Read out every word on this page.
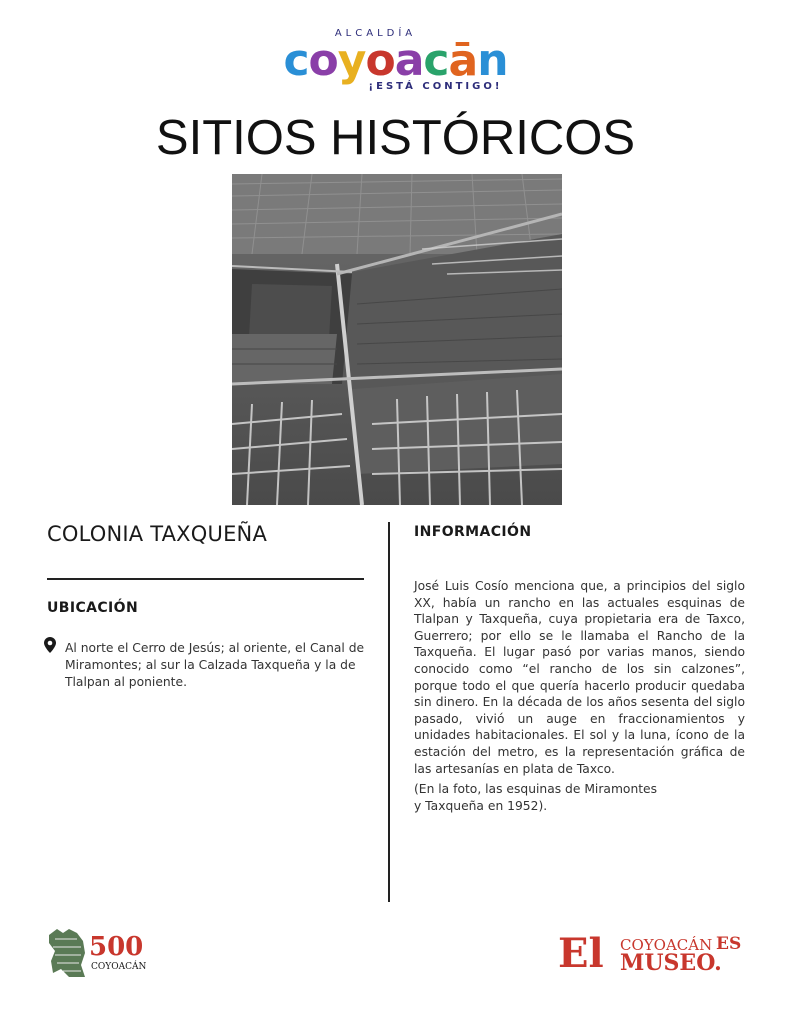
ALCALDÍA
coyoacān
¡ESTÁ CONTIGO!
SITIOS HISTÓRICOS
COLONIA TAXQUEÑA
UBICACIÓN
Al norte el Cerro de Jesús; al oriente, el Canal de Miramontes; al sur la Calzada Taxqueña y la de Tlalpan al poniente.
INFORMACIÓN
José Luis Cosío menciona que, a principios del siglo XX, había un rancho en las actuales esquinas de Tlalpan y Taxqueña, cuya propietaria era de Taxco, Guerrero; por ello se le llamaba el Rancho de la Taxqueña. El lugar pasó por varias manos, siendo conocido como “el rancho de los sin calzones”, porque todo el que quería hacerlo producir quedaba sin dinero. En la década de los años sesenta del siglo pasado, vivió un auge en fraccionamientos y unidades habitacionales. El sol y la luna, ícono de la estación del metro, es la representación gráfica de las artesanías en plata de Taxco.
(En la foto, las esquinas de Miramontes
y Taxqueña en 1952).
500
COYOACÁN	El COYOACÁN ES
MUSEO.
